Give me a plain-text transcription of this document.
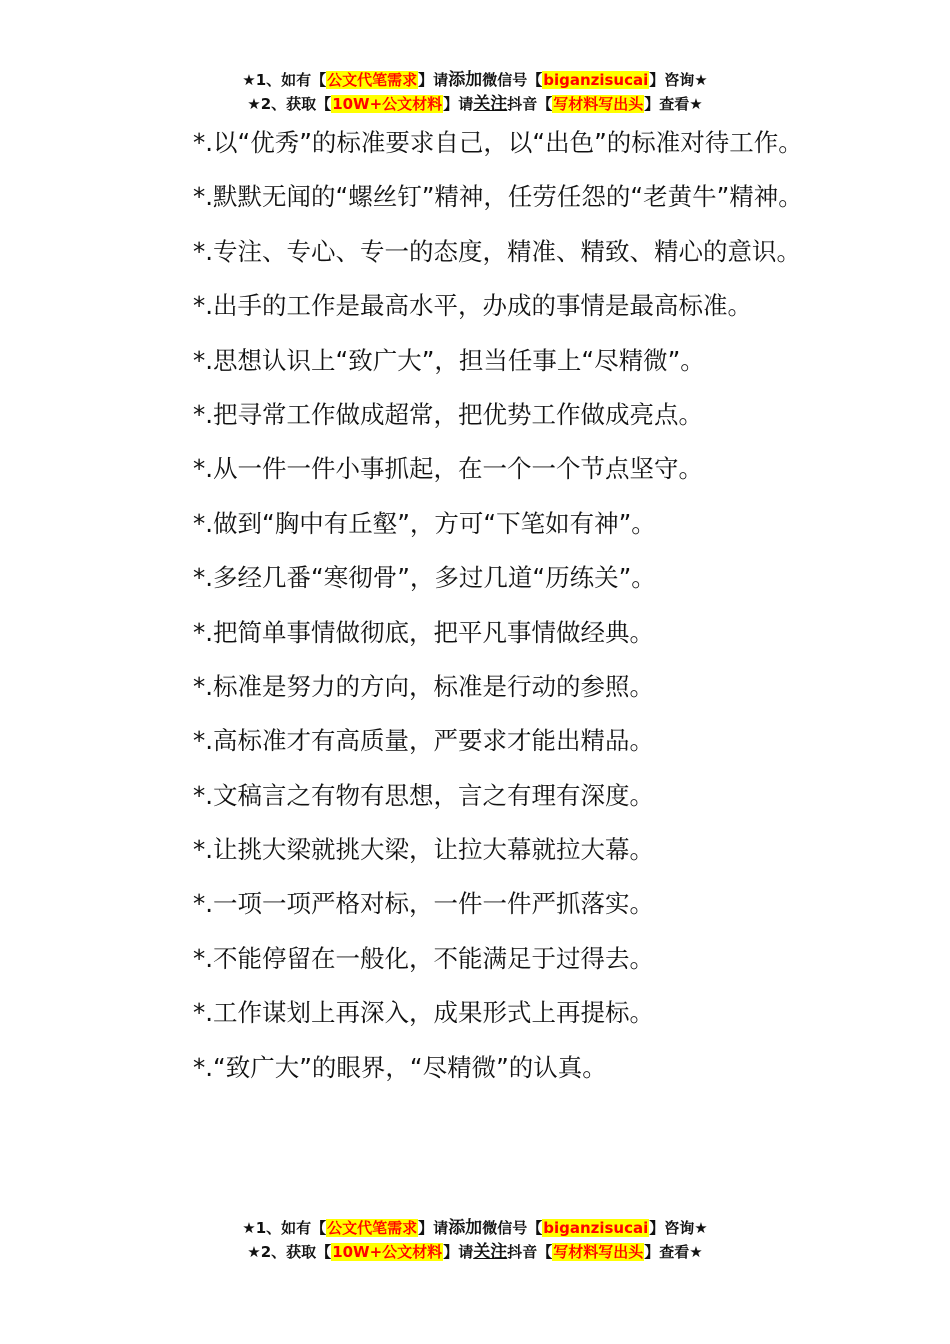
★1、如有【公文代笔需求】请添加微信号【biganzisucai】咨询★
★2、获取【10W+公文材料】请关注抖音【写材料写出头】查看★

*.以“优秀”的标准要求自己，以“出色”的标准对待工作。

*.默默无闻的“螺丝钉”精神，任劳任怨的“老黄牛”精神。

*.专注、专心、专一的态度，精准、精致、精心的意识。

*.出手的工作是最高水平，办成的事情是最高标准。

*.思想认识上“致广大”，担当任事上“尽精微”。

*.把寻常工作做成超常，把优势工作做成亮点。

*.从一件一件小事抓起，在一个一个节点坚守。

*.做到“胸中有丘壑”，方可“下笔如有神”。

*.多经几番“寒彻骨”，多过几道“历练关”。

*.把简单事情做彻底，把平凡事情做经典。

*.标准是努力的方向，标准是行动的参照。

*.高标准才有高质量，严要求才能出精品。

*.文稿言之有物有思想，言之有理有深度。

*.让挑大梁就挑大梁，让拉大幕就拉大幕。

*.一项一项严格对标，一件一件严抓落实。

*.不能停留在一般化，不能满足于过得去。

*.工作谋划上再深入，成果形式上再提标。

*.“致广大”的眼界，“尽精微”的认真。

★1、如有【公文代笔需求】请添加微信号【biganzisucai】咨询★
★2、获取【10W+公文材料】请关注抖音【写材料写出头】查看★
